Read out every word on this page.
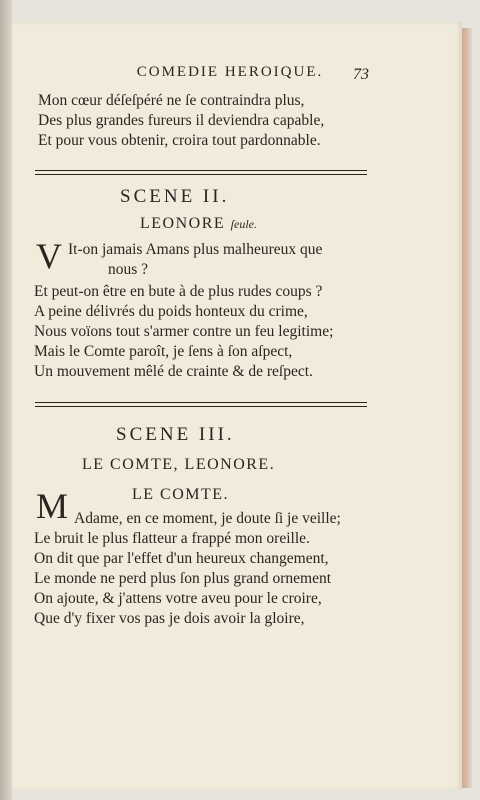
COMEDIE HEROIQUE.	73
Mon cœur déſeſpéré ne ſe contraindra plus,
Des plus grandes fureurs il deviendra capable,
Et pour vous obtenir, croira tout pardonnable.
SCENE II.
LEONORE ſeule.
V It-on jamais Amans plus malheureux que
nous ?
Et peut-on être en bute à de plus rudes coups ?
A peine délivrés du poids honteux du crime,
Nous voïons tout s'armer contre un feu legitime;
Mais le Comte paroît, je ſens à ſon aſpect,
Un mouvement mêlé de crainte & de reſpect.
SCENE III.
LE COMTE, LEONORE.
LE COMTE.
M Adame, en ce moment, je doute ſi je veille;
Le bruit le plus flatteur a frappé mon oreille.
On dit que par l'effet d'un heureux changement,
Le monde ne perd plus ſon plus grand ornement
On ajoute, & j'attens votre aveu pour le croire,
Que d'y fixer vos pas je dois avoir la gloire,
